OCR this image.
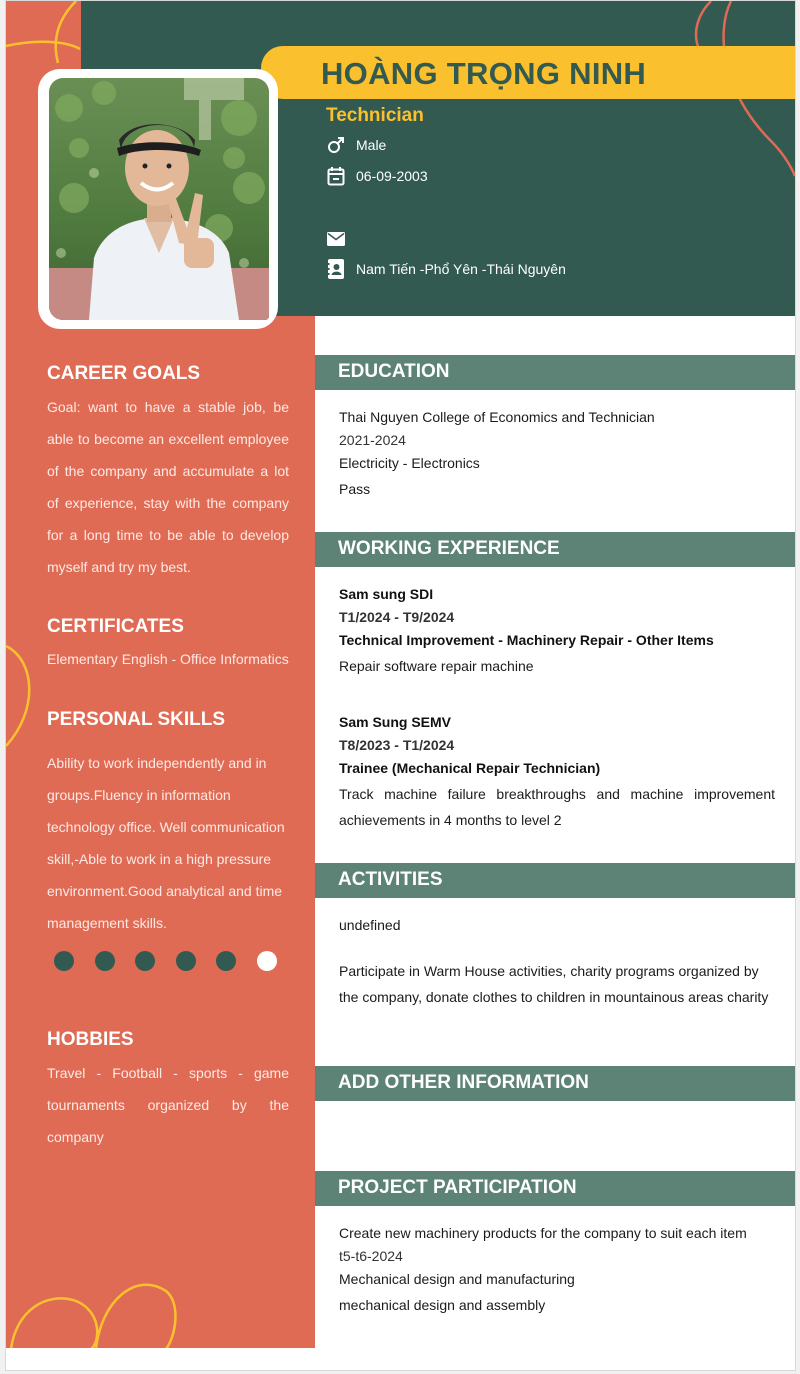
HOÀNG TRỌNG NINH
Technician
Male
06-09-2003
Nam Tiến -Phổ Yên -Thái Nguyên
CAREER GOALS
Goal: want to have a stable job, be able to become an excellent employee of the company and accumulate a lot of experience, stay with the company for a long time to be able to develop myself and try my best.
CERTIFICATES
Elementary English - Office Informatics
PERSONAL SKILLS
Ability to work independently and in groups.Fluency in information technology office. Well communication skill,-Able to work in a high pressure environment.Good analytical and time management skills.
HOBBIES
Travel - Football - sports - game tournaments organized by the company
EDUCATION
Thai Nguyen College of Economics and Technician
2021-2024
Electricity - Electronics
Pass
WORKING EXPERIENCE
Sam sung SDI
T1/2024 - T9/2024
Technical Improvement - Machinery Repair - Other Items
Repair software repair machine
Sam Sung SEMV
T8/2023 - T1/2024
Trainee (Mechanical Repair Technician)
Track machine failure breakthroughs and machine improvement achievements in 4 months to level 2
ACTIVITIES
undefined
Participate in Warm House activities, charity programs organized by the company, donate clothes to children in mountainous areas charity
ADD OTHER INFORMATION
PROJECT PARTICIPATION
Create new machinery products for the company to suit each item
t5-t6-2024
Mechanical design and manufacturing
mechanical design and assembly
